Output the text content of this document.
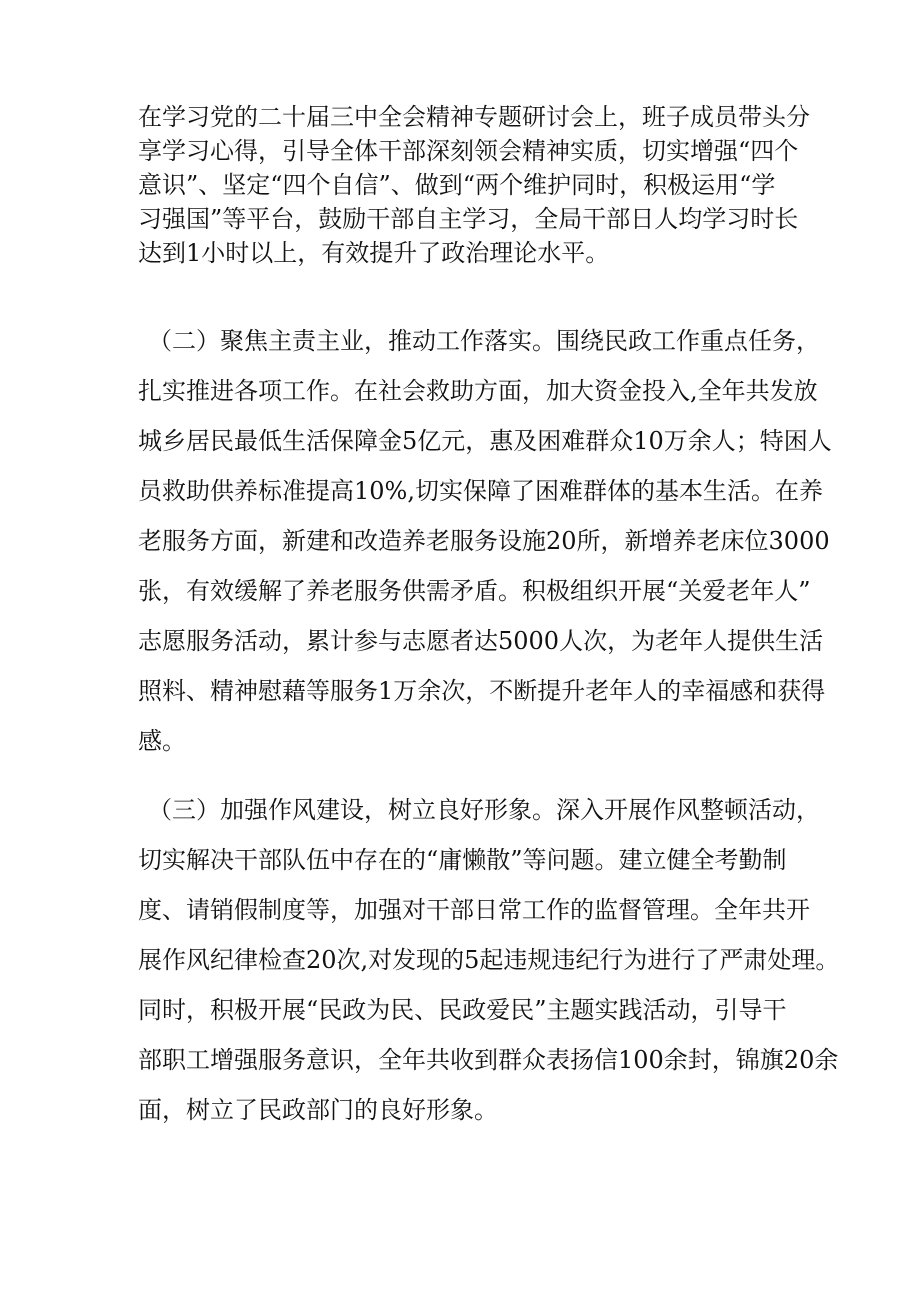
在学习党的二十届三中全会精神专题研讨会上，班子成员带头分
享学习心得，引导全体干部深刻领会精神实质，切实增强“四个
意识”、坚定“四个自信”、做到“两个维护同时，积极运用“学
习强国”等平台，鼓励干部自主学习，全局干部日人均学习时长
达到1小时以上，有效提升了政治理论水平。
（二）聚焦主责主业，推动工作落实。围绕民政工作重点任务，
扎实推进各项工作。在社会救助方面，加大资金投入,全年共发放
城乡居民最低生活保障金5亿元，惠及困难群众10万余人；特困人
员救助供养标准提高10%,切实保障了困难群体的基本生活。在养
老服务方面，新建和改造养老服务设施20所，新增养老床位3000
张，有效缓解了养老服务供需矛盾。积极组织开展“关爱老年人”
志愿服务活动，累计参与志愿者达5000人次，为老年人提供生活
照料、精神慰藉等服务1万余次，不断提升老年人的幸福感和获得
感。
（三）加强作风建设，树立良好形象。深入开展作风整顿活动，
切实解决干部队伍中存在的“庸懒散”等问题。建立健全考勤制
度、请销假制度等，加强对干部日常工作的监督管理。全年共开
展作风纪律检查20次,对发现的5起违规违纪行为进行了严肃处理。
同时，积极开展“民政为民、民政爱民”主题实践活动，引导干
部职工增强服务意识，全年共收到群众表扬信100余封，锦旗20余
面，树立了民政部门的良好形象。
